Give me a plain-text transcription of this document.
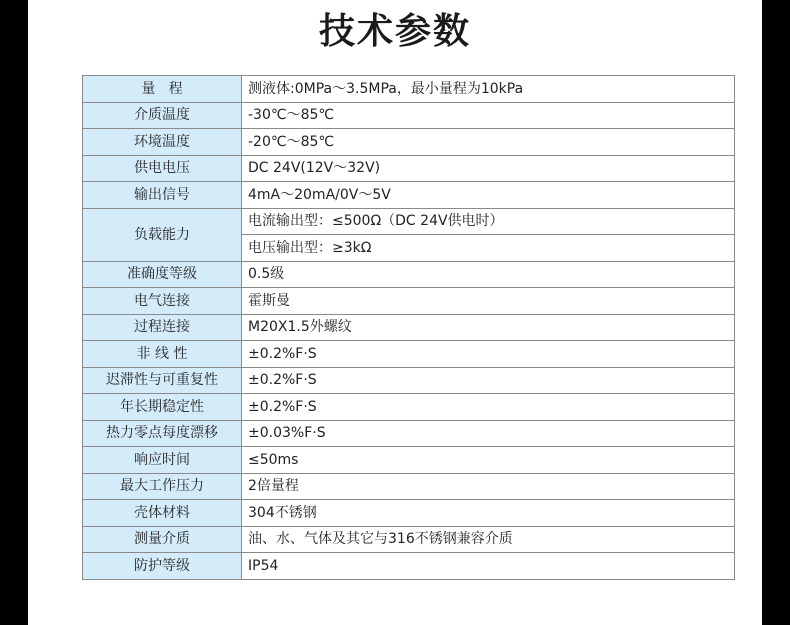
技术参数
量   程	测液体:0MPa～3.5MPa，最小量程为10kPa
介质温度	-30℃～85℃
环境温度	-20℃～85℃
供电电压	DC 24V(12V～32V)
输出信号	4mA～20mA/0V～5V
负载能力	电流输出型：≤500Ω（DC 24V供电时）
	电压输出型：≥3kΩ
准确度等级	0.5级
电气连接	霍斯曼
过程连接	M20X1.5外螺纹
非 线 性	±0.2%F·S
迟滞性与可重复性	±0.2%F·S
年长期稳定性	±0.2%F·S
热力零点每度漂移	±0.03%F·S
响应时间	≤50ms
最大工作压力	2倍量程
壳体材料	304不锈钢
测量介质	油、水、气体及其它与316不锈钢兼容介质
防护等级	IP54
